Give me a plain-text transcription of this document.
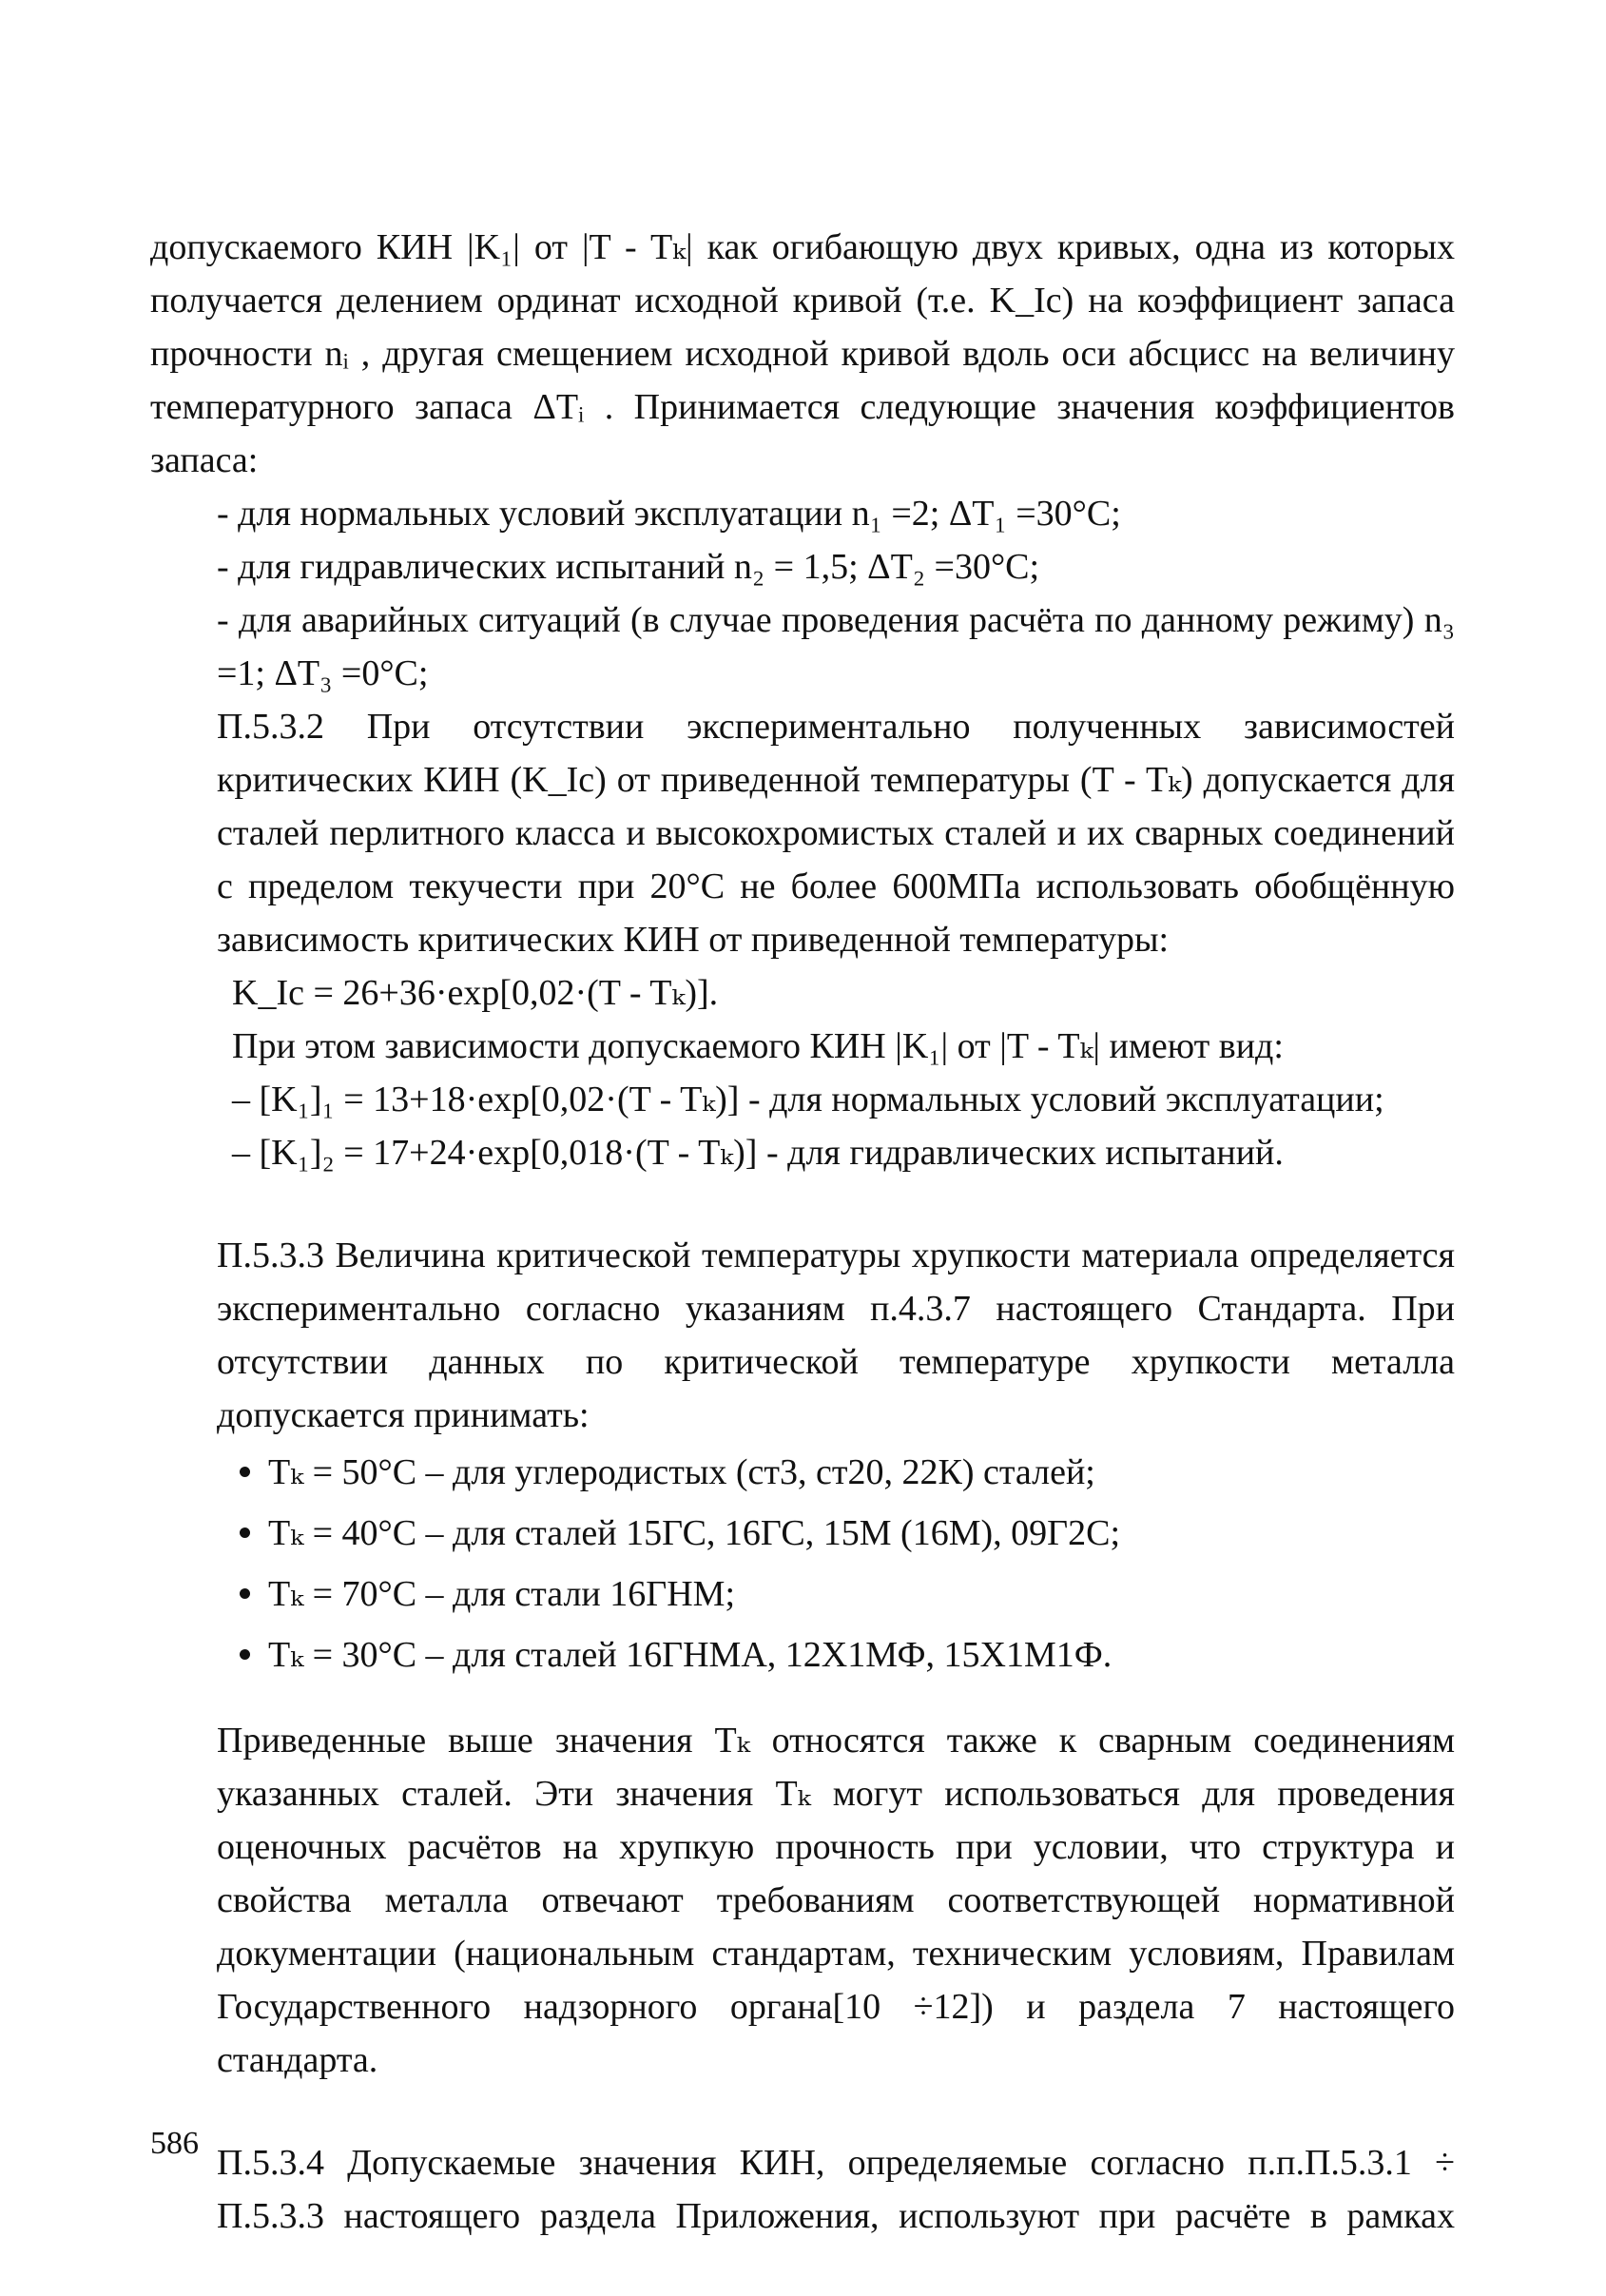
допускаемого КИН |K₁| от |T - Tₖ| как огибающую двух кривых, одна из которых получается делением ординат исходной кривой (т.е. K_Ic) на коэффициент запаса прочности nᵢ , другая смещением исходной кривой вдоль оси абсцисс на величину температурного запаса ΔTᵢ . Принимается следующие значения коэффициентов запаса:

- для нормальных условий эксплуатации n₁ =2; ΔT₁ =30°С;

- для гидравлических испытаний n₂ = 1,5; ΔT₂ =30°С;

- для аварийных ситуаций (в случае проведения расчёта по данному режиму) n₃ =1; ΔT₃ =0°С;

П.5.3.2 При отсутствии экспериментально полученных зависимостей критических КИН (K_Ic) от приведенной температуры (T - Tₖ) допускается для сталей перлитного класса и высокохромистых сталей и их сварных соединений с пределом текучести при 20°С не более 600МПа использовать обобщённую зависимость критических КИН от приведенной температуры:

K_Ic = 26+36·exp[0,02·(T - Tₖ)].

При этом зависимости допускаемого КИН |K₁| от |T - Tₖ| имеют вид:

– [K₁]₁ = 13+18·exp[0,02·(T - Tₖ)] - для нормальных условий эксплуатации;

– [K₁]₂ = 17+24·exp[0,018·(T - Tₖ)] - для гидравлических испытаний.

П.5.3.3 Величина критической температуры хрупкости материала определяется экспериментально согласно указаниям п.4.3.7 настоящего Стандарта. При отсутствии данных по критической температуре хрупкости металла допускается принимать:

Tₖ = 50°С – для углеродистых (ст3, ст20, 22К) сталей;
Tₖ = 40°С – для сталей 15ГС, 16ГС, 15М (16М), 09Г2С;
Tₖ = 70°С – для стали 16ГНМ;
Tₖ = 30°С – для сталей 16ГНМА, 12Х1МФ, 15Х1М1Ф.

Приведенные выше значения Tₖ относятся также к сварным соединениям указанных сталей. Эти значения Tₖ могут использоваться для проведения оценочных расчётов на хрупкую прочность при условии, что структура и свойства металла отвечают требованиям соответствующей нормативной документации (национальным стандартам, техническим условиям, Правилам Государственного надзорного органа[10 ÷12]) и раздела 7 настоящего стандарта.

П.5.3.4 Допускаемые значения КИН, определяемые согласно п.п.П.5.3.1 ÷ П.5.3.3 настоящего раздела Приложения, используют при расчёте в рамках

586
